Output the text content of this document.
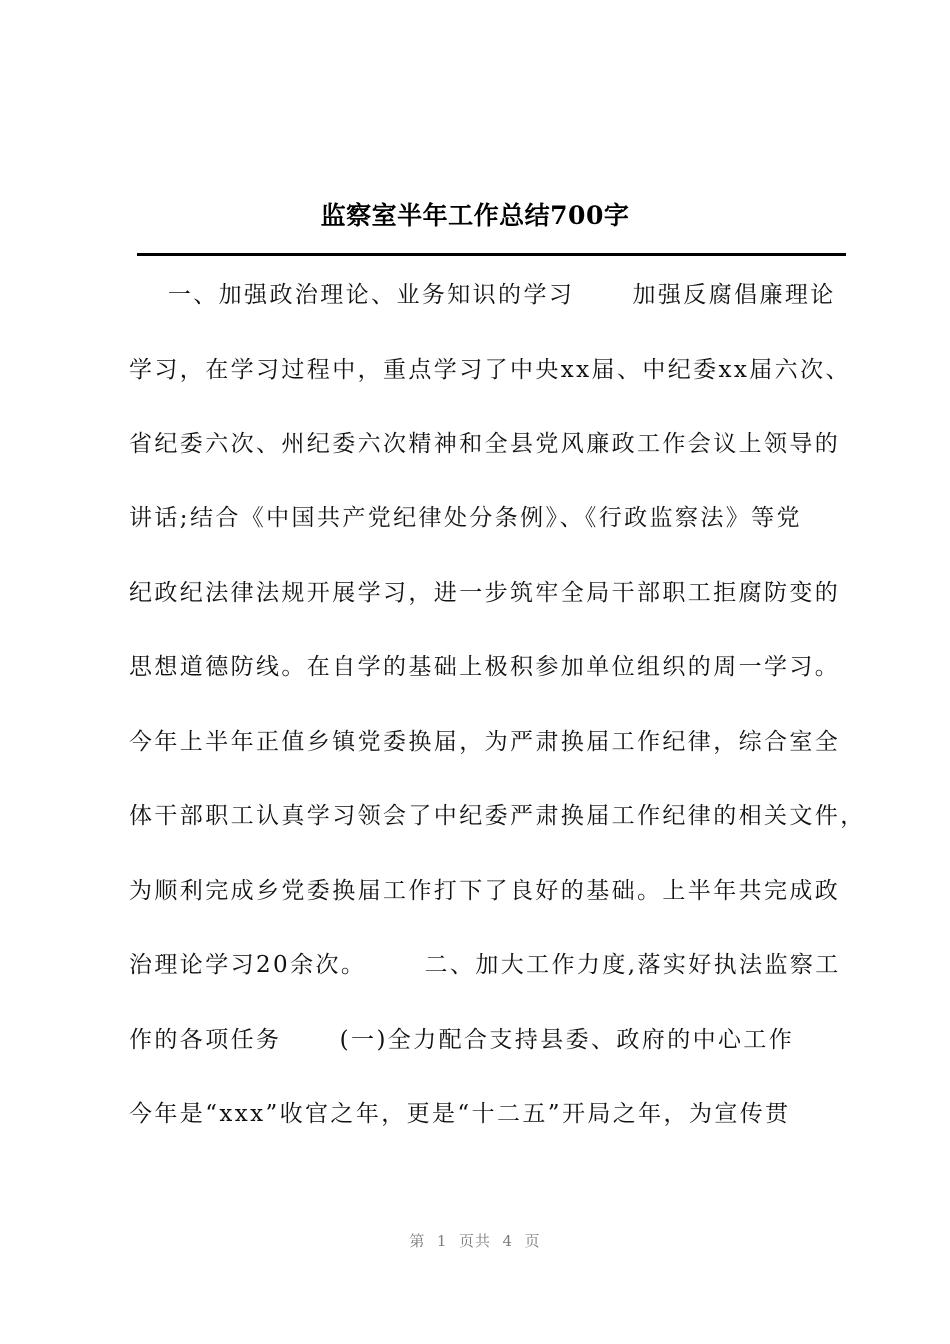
监察室半年工作总结700字
一、加强政治理论、业务知识的学习      加强反腐倡廉理论
学习，在学习过程中，重点学习了中央xx届、中纪委xx届六次、
省纪委六次、州纪委六次精神和全县党风廉政工作会议上领导的
讲话;结合《中国共产党纪律处分条例》、《行政监察法》等党
纪政纪法律法规开展学习，进一步筑牢全局干部职工拒腐防变的
思想道德防线。在自学的基础上极积参加单位组织的周一学习。
今年上半年正值乡镇党委换届，为严肃换届工作纪律，综合室全
体干部职工认真学习领会了中纪委严肃换届工作纪律的相关文件，
为顺利完成乡党委换届工作打下了良好的基础。上半年共完成政
治理论学习20余次。      二、加大工作力度,落实好执法监察工
作的各项任务      (一)全力配合支持县委、政府的中心工作
今年是“xxx”收官之年，更是“十二五”开局之年，为宣传贯
第  1  页共  4  页
